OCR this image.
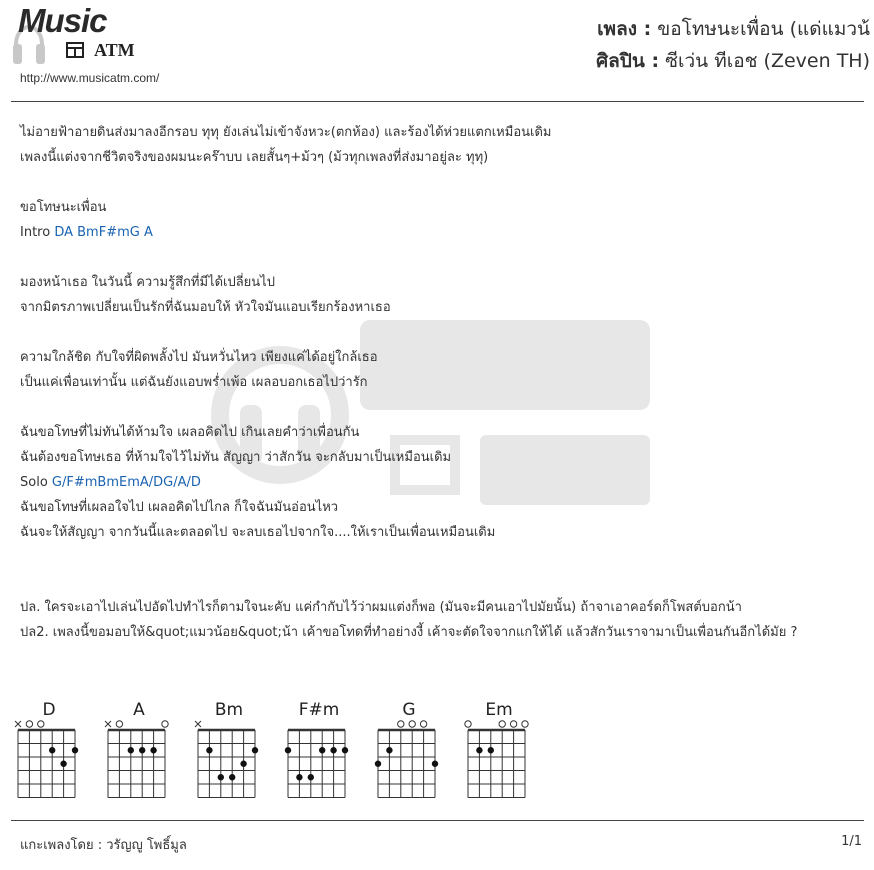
Music
ATM
http://www.musicatm.com/
เพลง : ขอโทษนะเพื่อน (แด่แมวน้
ศิลปิน : ซีเว่น ทีเอช (Zeven TH)
ไม่อายฟ้าอายดินส่งมาลงอีกรอบ ทุทุ ยังเล่นไม่เข้าจังหวะ(ตกห้อง) และร้องได้ห่วยแตกเหมือนเดิม
เพลงนี้แต่งจากชีวิตจริงของผมนะคร๊าบบ เลยสั้นๆ+ม้วๆ (ม้วทุกเพลงที่ส่งมาอยู่ละ ทุทุ)
ขอโทษนะเพื่อน
Intro DA BmF#mG A
มองหน้าเธอ ในวันนี้ ความรู้สึกที่มีได้เปลี่ยนไป
จากมิตรภาพเปลี่ยนเป็นรักที่ฉันมอบให้ หัวใจมันแอบเรียกร้องหาเธอ
ความใกล้ชิด กับใจที่ผิดพลั้งไป มันหวั่นไหว เพียงแค่ได้อยู่ใกล้เธอ
เป็นแค่เพื่อนเท่านั้น แต่ฉันยังแอบพร่ำเพ้อ เผลอบอกเธอไปว่ารัก
ฉันขอโทษที่ไม่ทันได้ห้ามใจ เผลอคิดไป เกินเลยคำว่าเพื่อนกัน
ฉันต้องขอโทษเธอ ที่ห้ามใจไว้ไม่ทัน สัญญา ว่าสักวัน จะกลับมาเป็นเหมือนเดิม
Solo G/F#mBmEmA/DG/A/D
ฉันขอโทษที่เผลอใจไป เผลอคิดไปไกล ก็ใจฉันมันอ่อนไหว
ฉันจะให้สัญญา จากวันนี้และตลอดไป จะลบเธอไปจากใจ....ให้เราเป็นเพื่อนเหมือนเดิม
ปล. ใครจะเอาไปเล่นไปอัดไปทำไรก็ตามใจนะคับ แค่กำกับไว้ว่าผมแต่งก็พอ (มันจะมีคนเอาไปมัยนั้น) ถ้าจาเอาคอร์ดก็โพสต์บอกน้า
ปล2. เพลงนี้ขอมอบให้&quot;แมวน้อย&quot;น้า เค้าขอโทดที่ทำอย่างงี้ เค้าจะตัดใจจากแกให้ได้ แล้วสักวันเราจามาเป็นเพื่อนกันอีกได้มัย ?
D	A	Bm	F#m	G	Em
แกะเพลงโดย : วรัญญู โพธิ์มูล	1/1
